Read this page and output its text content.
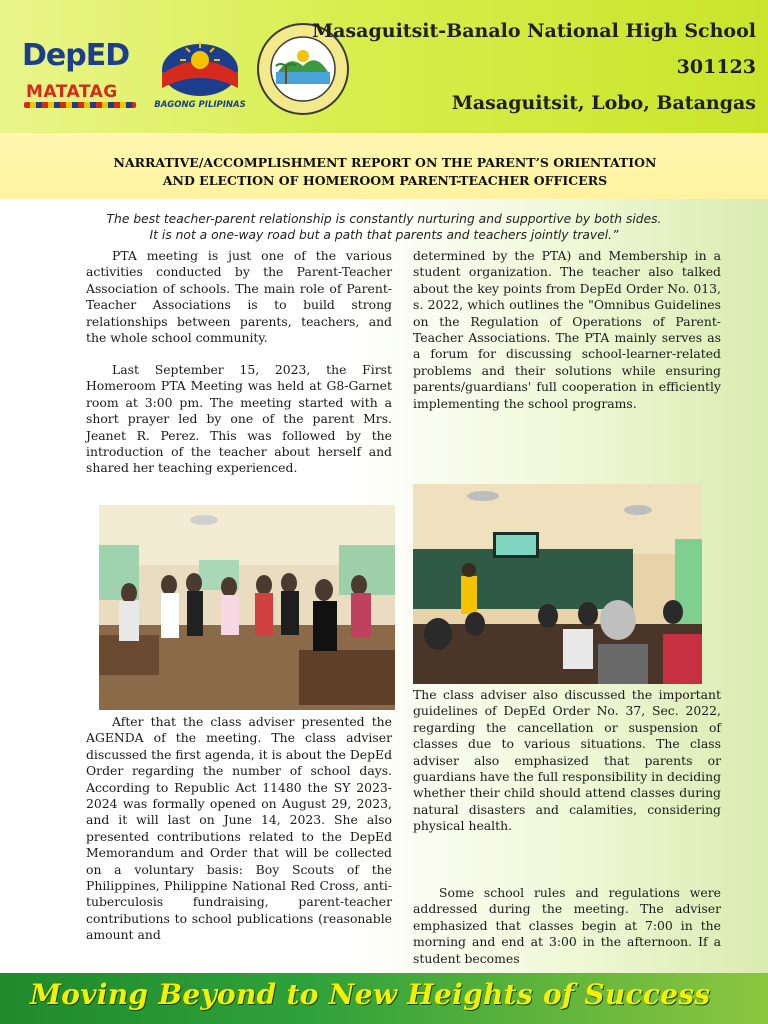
DepED
MATATAG
BAGONG PILIPINAS
Masaguitsit-Banalo National High School
301123
Masaguitsit, Lobo, Batangas
NARRATIVE/ACCOMPLISHMENT REPORT ON THE PARENT’S ORIENTATION
AND ELECTION OF HOMEROOM PARENT-TEACHER OFFICERS
The best teacher-parent relationship is constantly nurturing and supportive by both sides.
It is not a one-way road but a path that parents and teachers jointly travel.”

PTA meeting is just one of the various activities conducted by the Parent-Teacher Association of schools. The main role of Parent-Teacher Associations is to build strong relationships between parents, teachers, and the whole school community.

Last September 15, 2023, the First Homeroom PTA Meeting was held at G8-Garnet room at 3:00 pm. The meeting started with a short prayer led by one of the parent Mrs. Jeanet R. Perez. This was followed by the introduction of the teacher about herself and shared her teaching experienced.

After that the class adviser presented the AGENDA of the meeting. The class adviser discussed the first agenda, it is about the DepEd Order regarding the number of school days. According to Republic Act 11480 the SY 2023-2024 was formally opened on August 29, 2023, and it will last on June 14, 2023. She also presented contributions related to the DepEd Memorandum and Order that will be collected on a voluntary basis: Boy Scouts of the Philippines, Philippine National Red Cross, anti-tuberculosis fundraising, parent-teacher contributions to school publications (reasonable amount and

determined by the PTA) and Membership in a student organization. The teacher also talked about the key points from DepEd Order No. 013, s. 2022, which outlines the "Omnibus Guidelines on the Regulation of Operations of Parent-Teacher Associations. The PTA mainly serves as a forum for discussing school-learner-related problems and their solutions while ensuring parents/guardians' full cooperation in efficiently implementing the school programs.

The class adviser also discussed the important guidelines of DepEd Order No. 37, Sec. 2022, regarding the cancellation or suspension of classes due to various situations. The class adviser also emphasized that parents or guardians have the full responsibility in deciding whether their child should attend classes during natural disasters and calamities, considering physical health.

Some school rules and regulations were addressed during the meeting. The adviser emphasized that classes begin at 7:00 in the morning and end at 3:00 in the afternoon. If a student becomes

Moving Beyond to New Heights of Success
